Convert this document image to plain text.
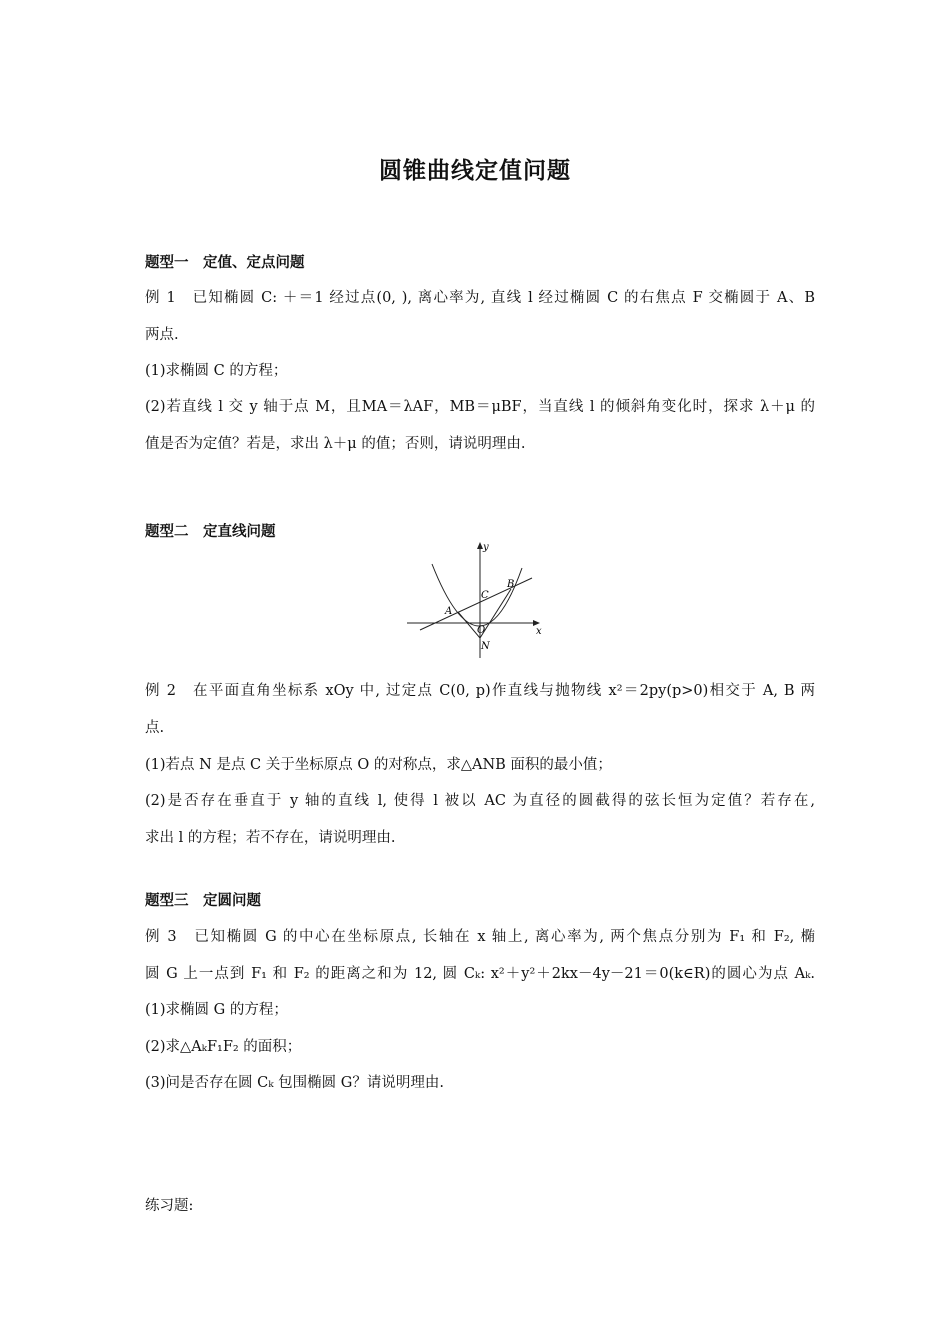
圆锥曲线定值问题
题型一　定值、定点问题
例 1　已知椭圆 C: ＋＝1 经过点(0, ), 离心率为, 直线 l 经过椭圆 C 的右焦点 F 交椭圆于 A、B
两点.
(1)求椭圆 C 的方程；
(2)若直线 l 交 y 轴于点 M，且MA＝λAF，MB＝μBF，当直线 l 的倾斜角变化时，探求 λ＋μ 的
值是否为定值？若是，求出 λ＋μ 的值；否则，请说明理由.
题型二　定直线问题
y
x
B
C
A
O
N
例 2　在平面直角坐标系 xOy 中, 过定点 C(0, p)作直线与抛物线 x²＝2py(p>0)相交于 A, B 两
点.
(1)若点 N 是点 C 关于坐标原点 O 的对称点，求△ANB 面积的最小值；
(2)是否存在垂直于 y 轴的直线 l, 使得 l 被以 AC 为直径的圆截得的弦长恒为定值？若存在,
求出 l 的方程；若不存在，请说明理由.
题型三　定圆问题
例 3　已知椭圆 G 的中心在坐标原点, 长轴在 x 轴上, 离心率为, 两个焦点分别为 F₁ 和 F₂, 椭
圆 G 上一点到 F₁ 和 F₂ 的距离之和为 12, 圆 Cₖ: x²＋y²＋2kx－4y－21＝0(k∈R)的圆心为点 Aₖ.
(1)求椭圆 G 的方程；
(2)求△AₖF₁F₂ 的面积；
(3)问是否存在圆 Cₖ 包围椭圆 G？请说明理由.
练习题:
